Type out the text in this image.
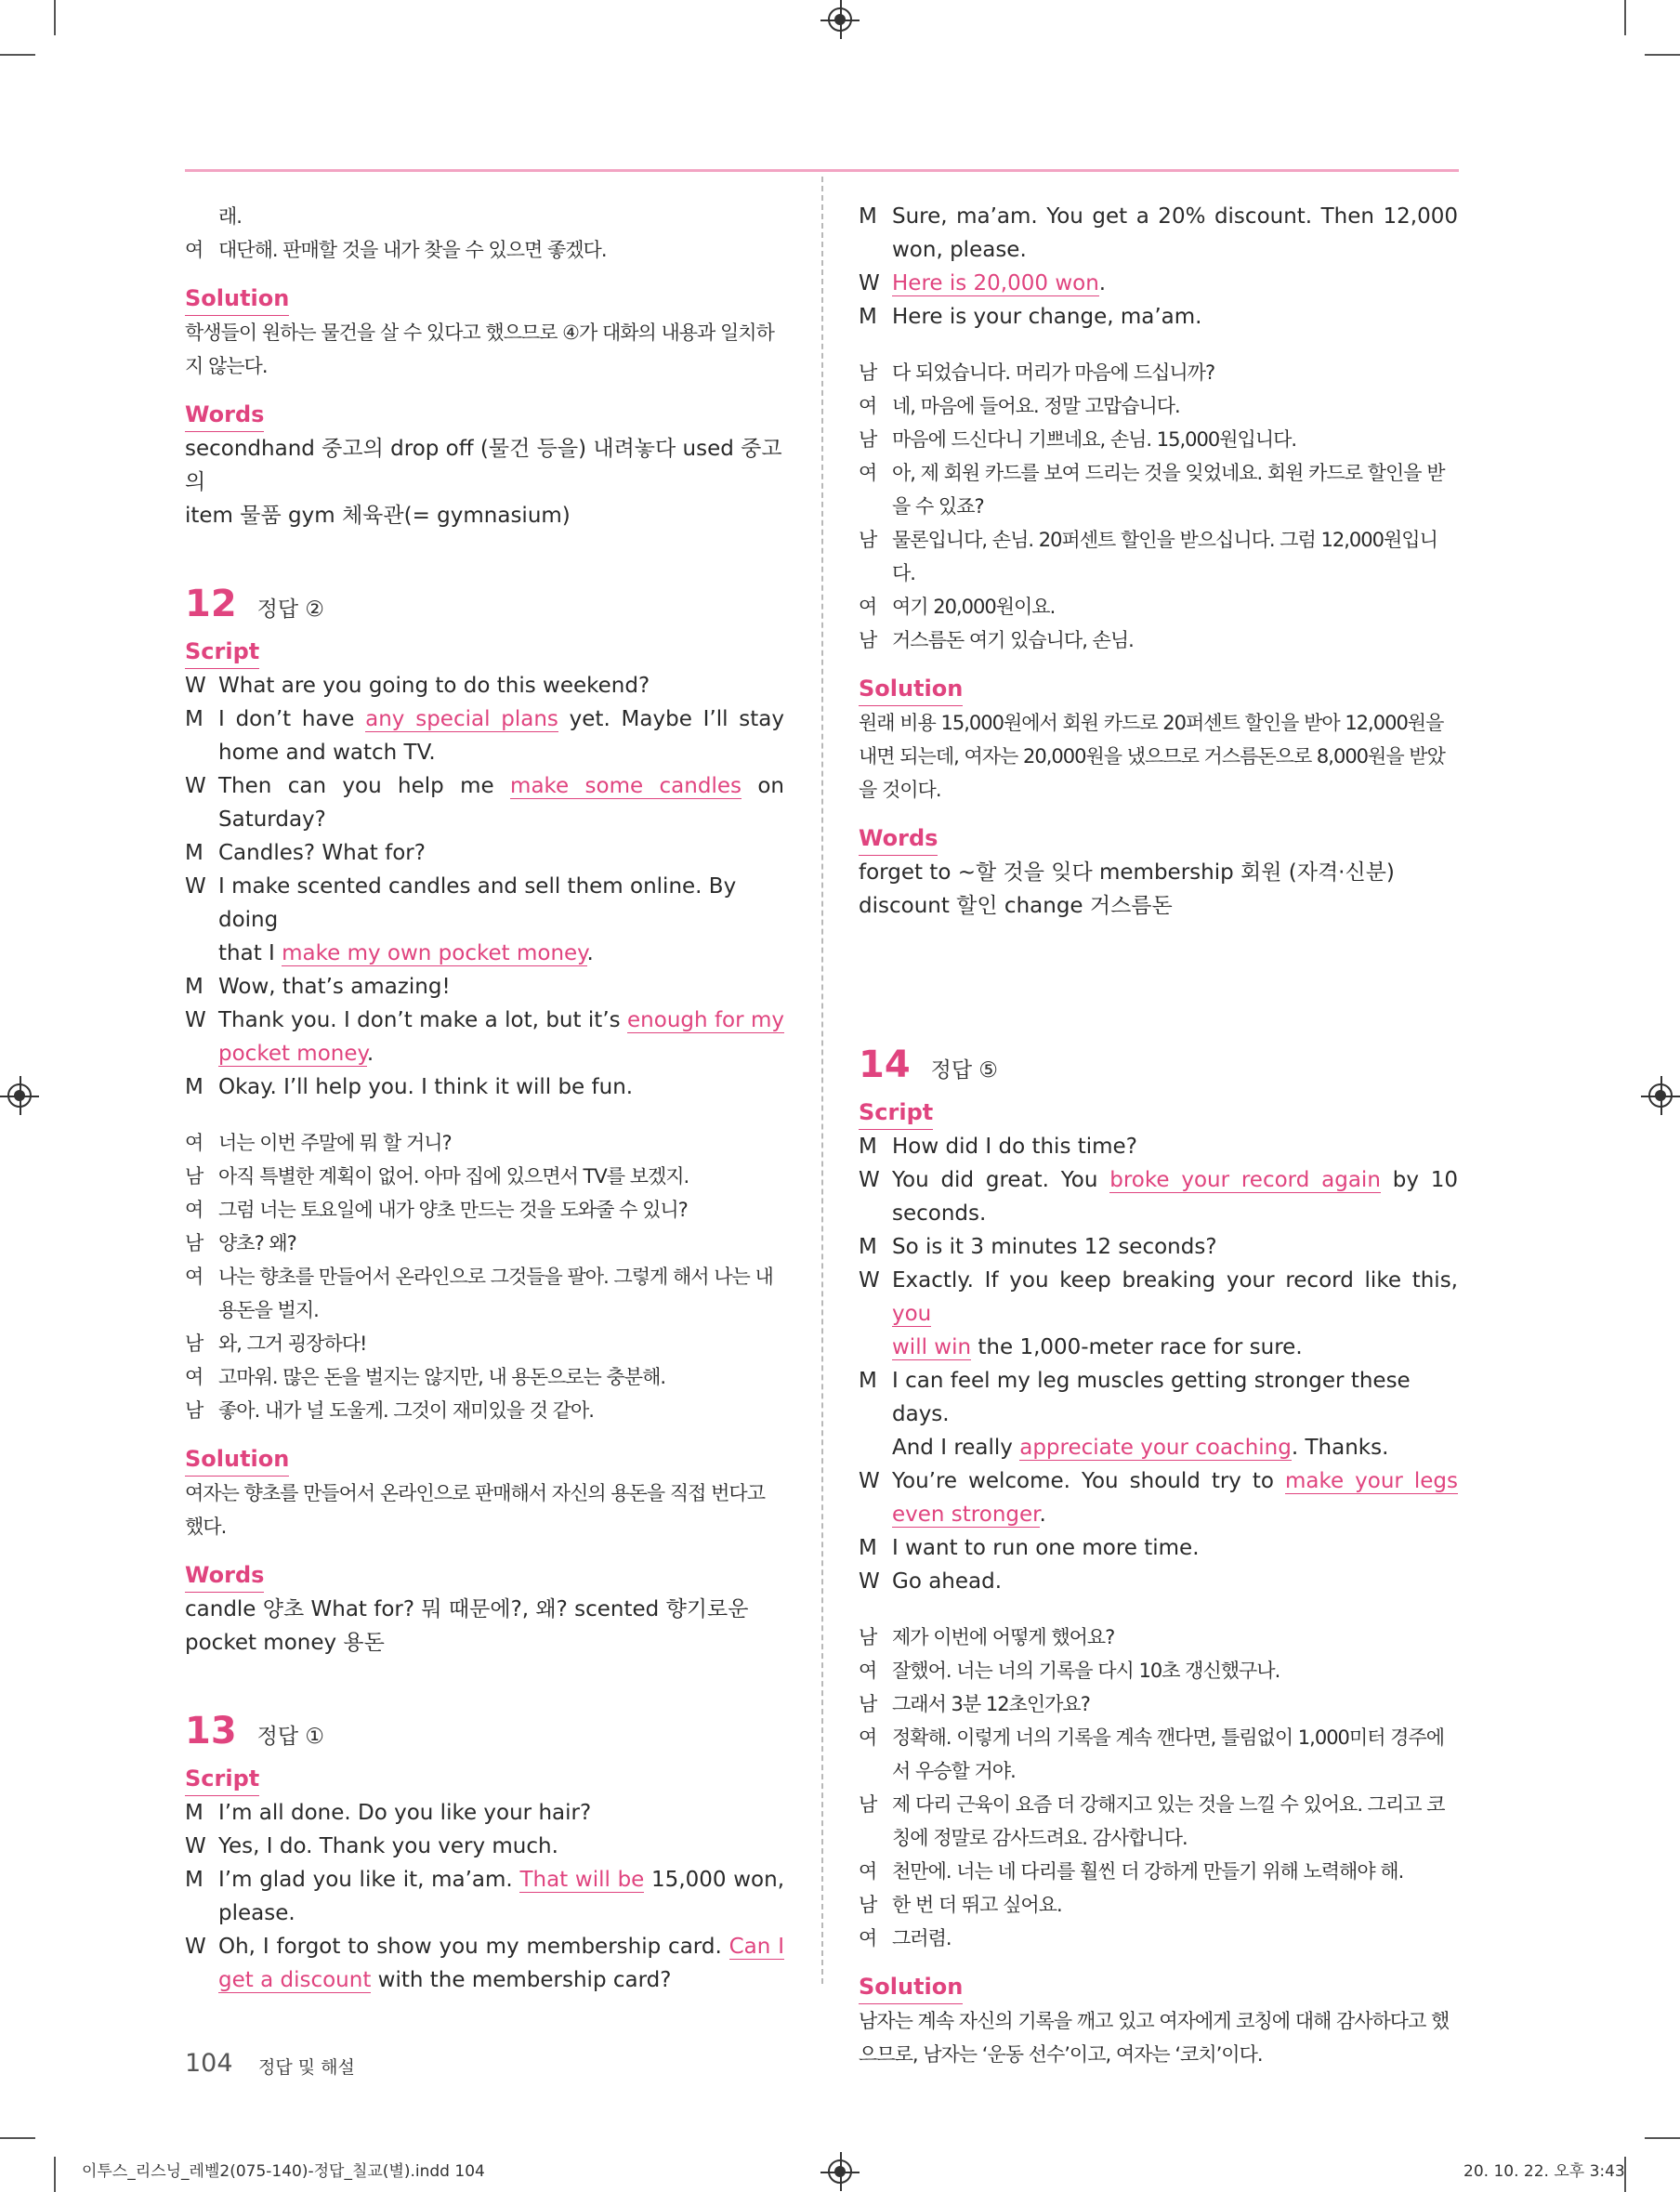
래.
여 대단해. 판매할 것을 내가 찾을 수 있으면 좋겠다.
Solution
학생들이 원하는 물건을 살 수 있다고 했으므로 ④가 대화의 내용과 일치하지 않는다.
Words
secondhand 중고의 drop off (물건 등을) 내려놓다 used 중고의
item 물품 gym 체육관(= gymnasium)
12 정답 ②
Script
W What are you going to do this weekend?
M I don’t have any special plans yet. Maybe I’ll stay
home and watch TV.
W Then can you help me make some candles on
Saturday?
M Candles? What for?
W I make scented candles and sell them online. By doing
that I make my own pocket money.
M Wow, that’s amazing!
W Thank you. I don’t make a lot, but it’s enough for my
pocket money.
M Okay. I’ll help you. I think it will be fun.
여 너는 이번 주말에 뭐 할 거니?
남 아직 특별한 계획이 없어. 아마 집에 있으면서 TV를 보겠지.
여 그럼 너는 토요일에 내가 양초 만드는 것을 도와줄 수 있니?
남 양초? 왜?
여 나는 향초를 만들어서 온라인으로 그것들을 팔아. 그렇게 해서 나는 내
용돈을 벌지.
남 와, 그거 굉장하다!
여 고마워. 많은 돈을 벌지는 않지만, 내 용돈으로는 충분해.
남 좋아. 내가 널 도울게. 그것이 재미있을 것 같아.
Solution
여자는 향초를 만들어서 온라인으로 판매해서 자신의 용돈을 직접 번다고 했다.
Words
candle 양초 What for? 뭐 때문에?, 왜? scented 향기로운
pocket money 용돈
13 정답 ①
Script
M I’m all done. Do you like your hair?
W Yes, I do. Thank you very much.
M I’m glad you like it, ma’am. That will be 15,000 won,
please.
W Oh, I forgot to show you my membership card. Can I
get a discount with the membership card?
M Sure, ma’am. You get a 20% discount. Then 12,000
won, please.
W Here is 20,000 won.
M Here is your change, ma’am.
남 다 되었습니다. 머리가 마음에 드십니까?
여 네, 마음에 들어요. 정말 고맙습니다.
남 마음에 드신다니 기쁘네요, 손님. 15,000원입니다.
여 아, 제 회원 카드를 보여 드리는 것을 잊었네요. 회원 카드로 할인을 받
을 수 있죠?
남 물론입니다, 손님. 20퍼센트 할인을 받으십니다. 그럼 12,000원입니다.
여 여기 20,000원이요.
남 거스름돈 여기 있습니다, 손님.
Solution
원래 비용 15,000원에서 회원 카드로 20퍼센트 할인을 받아 12,000원을 내면 되는데, 여자는 20,000원을 냈으므로 거스름돈으로 8,000원을 받았을 것이다.
Words
forget to ~할 것을 잊다 membership 회원 (자격·신분)
discount 할인 change 거스름돈
14 정답 ⑤
Script
M How did I do this time?
W You did great. You broke your record again by 10
seconds.
M So is it 3 minutes 12 seconds?
W Exactly. If you keep breaking your record like this, you
will win the 1,000-meter race for sure.
M I can feel my leg muscles getting stronger these days.
And I really appreciate your coaching. Thanks.
W You’re welcome. You should try to make your legs
even stronger.
M I want to run one more time.
W Go ahead.
남 제가 이번에 어떻게 했어요?
여 잘했어. 너는 너의 기록을 다시 10초 갱신했구나.
남 그래서 3분 12초인가요?
여 정확해. 이렇게 너의 기록을 계속 깬다면, 틀림없이 1,000미터 경주에
서 우승할 거야.
남 제 다리 근육이 요즘 더 강해지고 있는 것을 느낄 수 있어요. 그리고 코
칭에 정말로 감사드려요. 감사합니다.
여 천만에. 너는 네 다리를 훨씬 더 강하게 만들기 위해 노력해야 해.
남 한 번 더 뛰고 싶어요.
여 그러렴.
Solution
남자는 계속 자신의 기록을 깨고 있고 여자에게 코칭에 대해 감사하다고 했으므로, 남자는 ‘운동 선수’이고, 여자는 ‘코치’이다.
104 정답 및 해설
이투스_리스닝_레벨2(075-140)-정답_칠교(별).indd 104	20. 10. 22. 오후 3:43
